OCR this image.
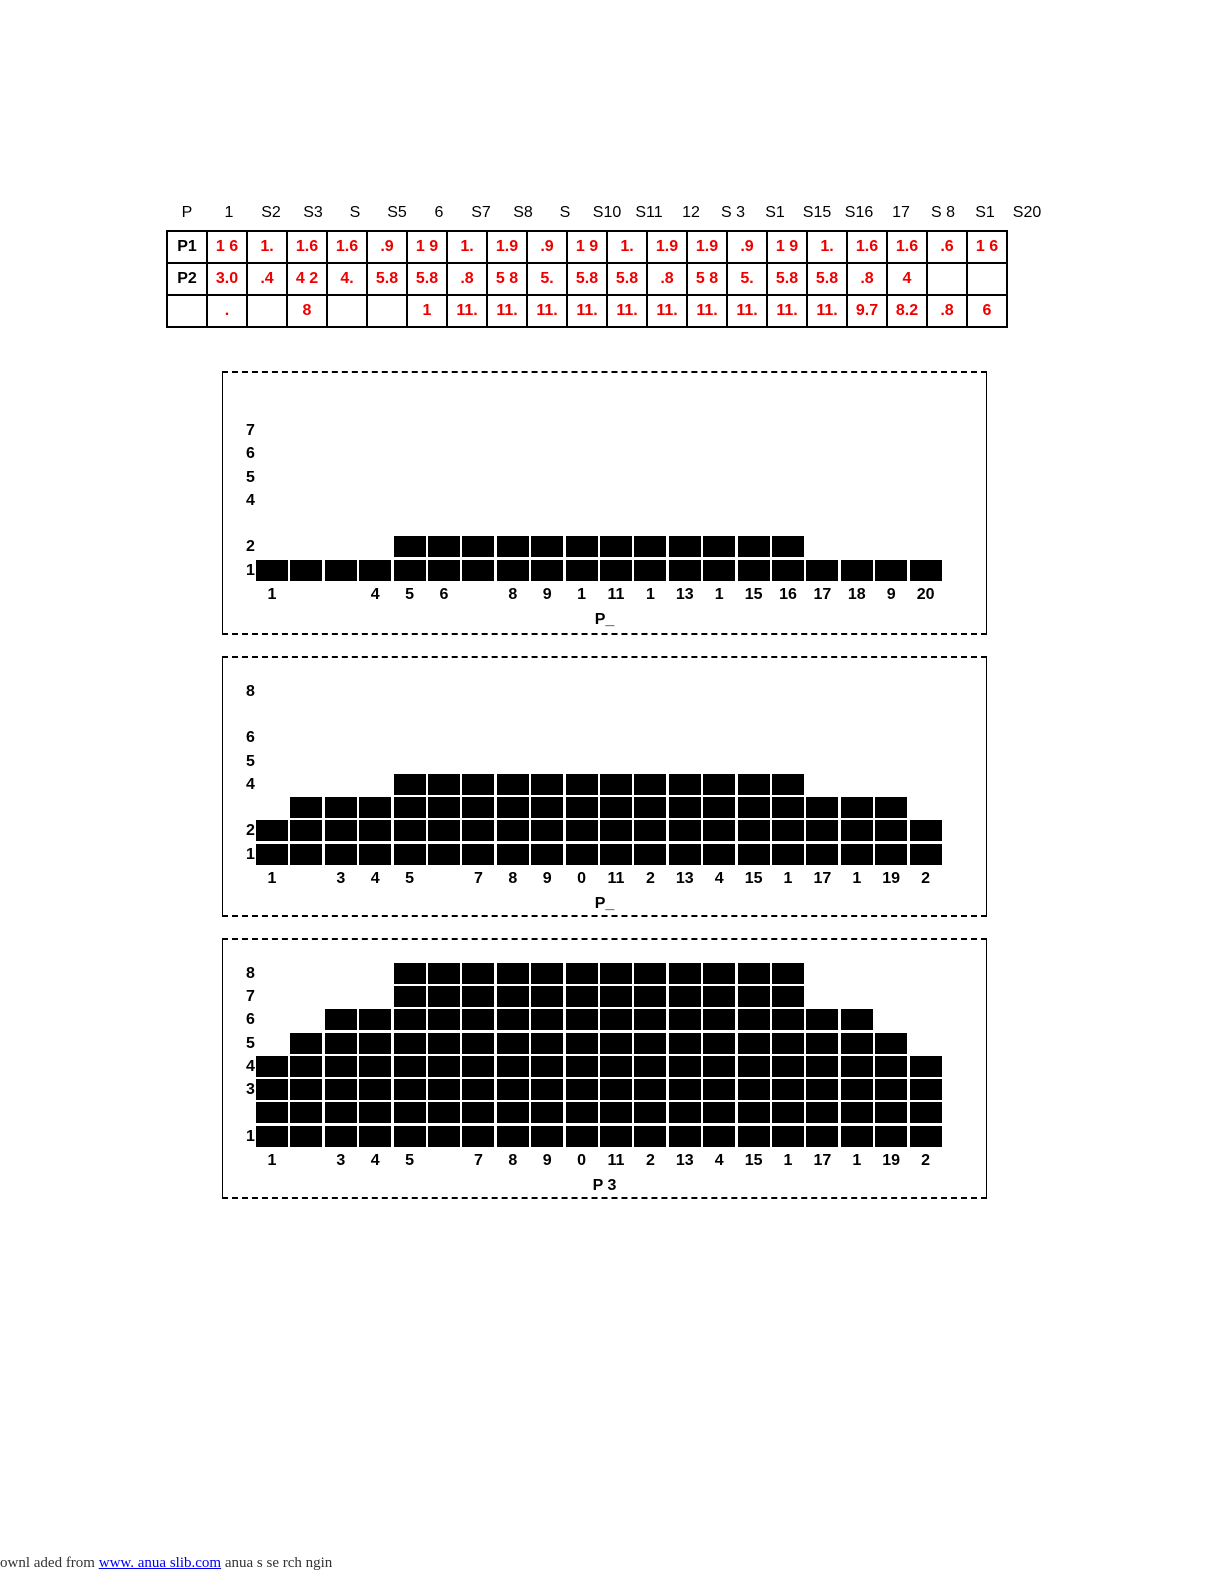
P	1	S2	S3	S	S5	6	S7	S8	S	S10 S11	12	S 3	S1	S15 S16	17	S 8	S1	S20
P1	1 6	1.	1.6	1.6	.9	1 9	1.	1.9	.9	1 9	1.	1.9	1.9	.9	1 9	1.	1.6	1.6	.6	1 6
P2	3.0	.4	4 2	4.	5.8	5.8	.8	5 8	5.	5.8	5.8	.8	5 8	5.	5.8	5.8	.8	4		
	.		8			1	11.	11.	11.	11.	11.	11.	11.	11.	11.	11.	9.7	8.2	.8	6
7
6
5
4
2
1
1	4	5	6	8	9	1	11	1	13	1	15	16	17	18	9	20
P_
8
6
5
4
2
1
1	3	4	5	7	8	9	0	11	2	13	4	15	1	17	1	19	2
P_
8
7
6
5
4
3
1
1	3	4	5	7	8	9	0	11	2	13	4	15	1	17	1	19	2
P 3
ownl aded from www. anua slib.com anua s se rch ngin
